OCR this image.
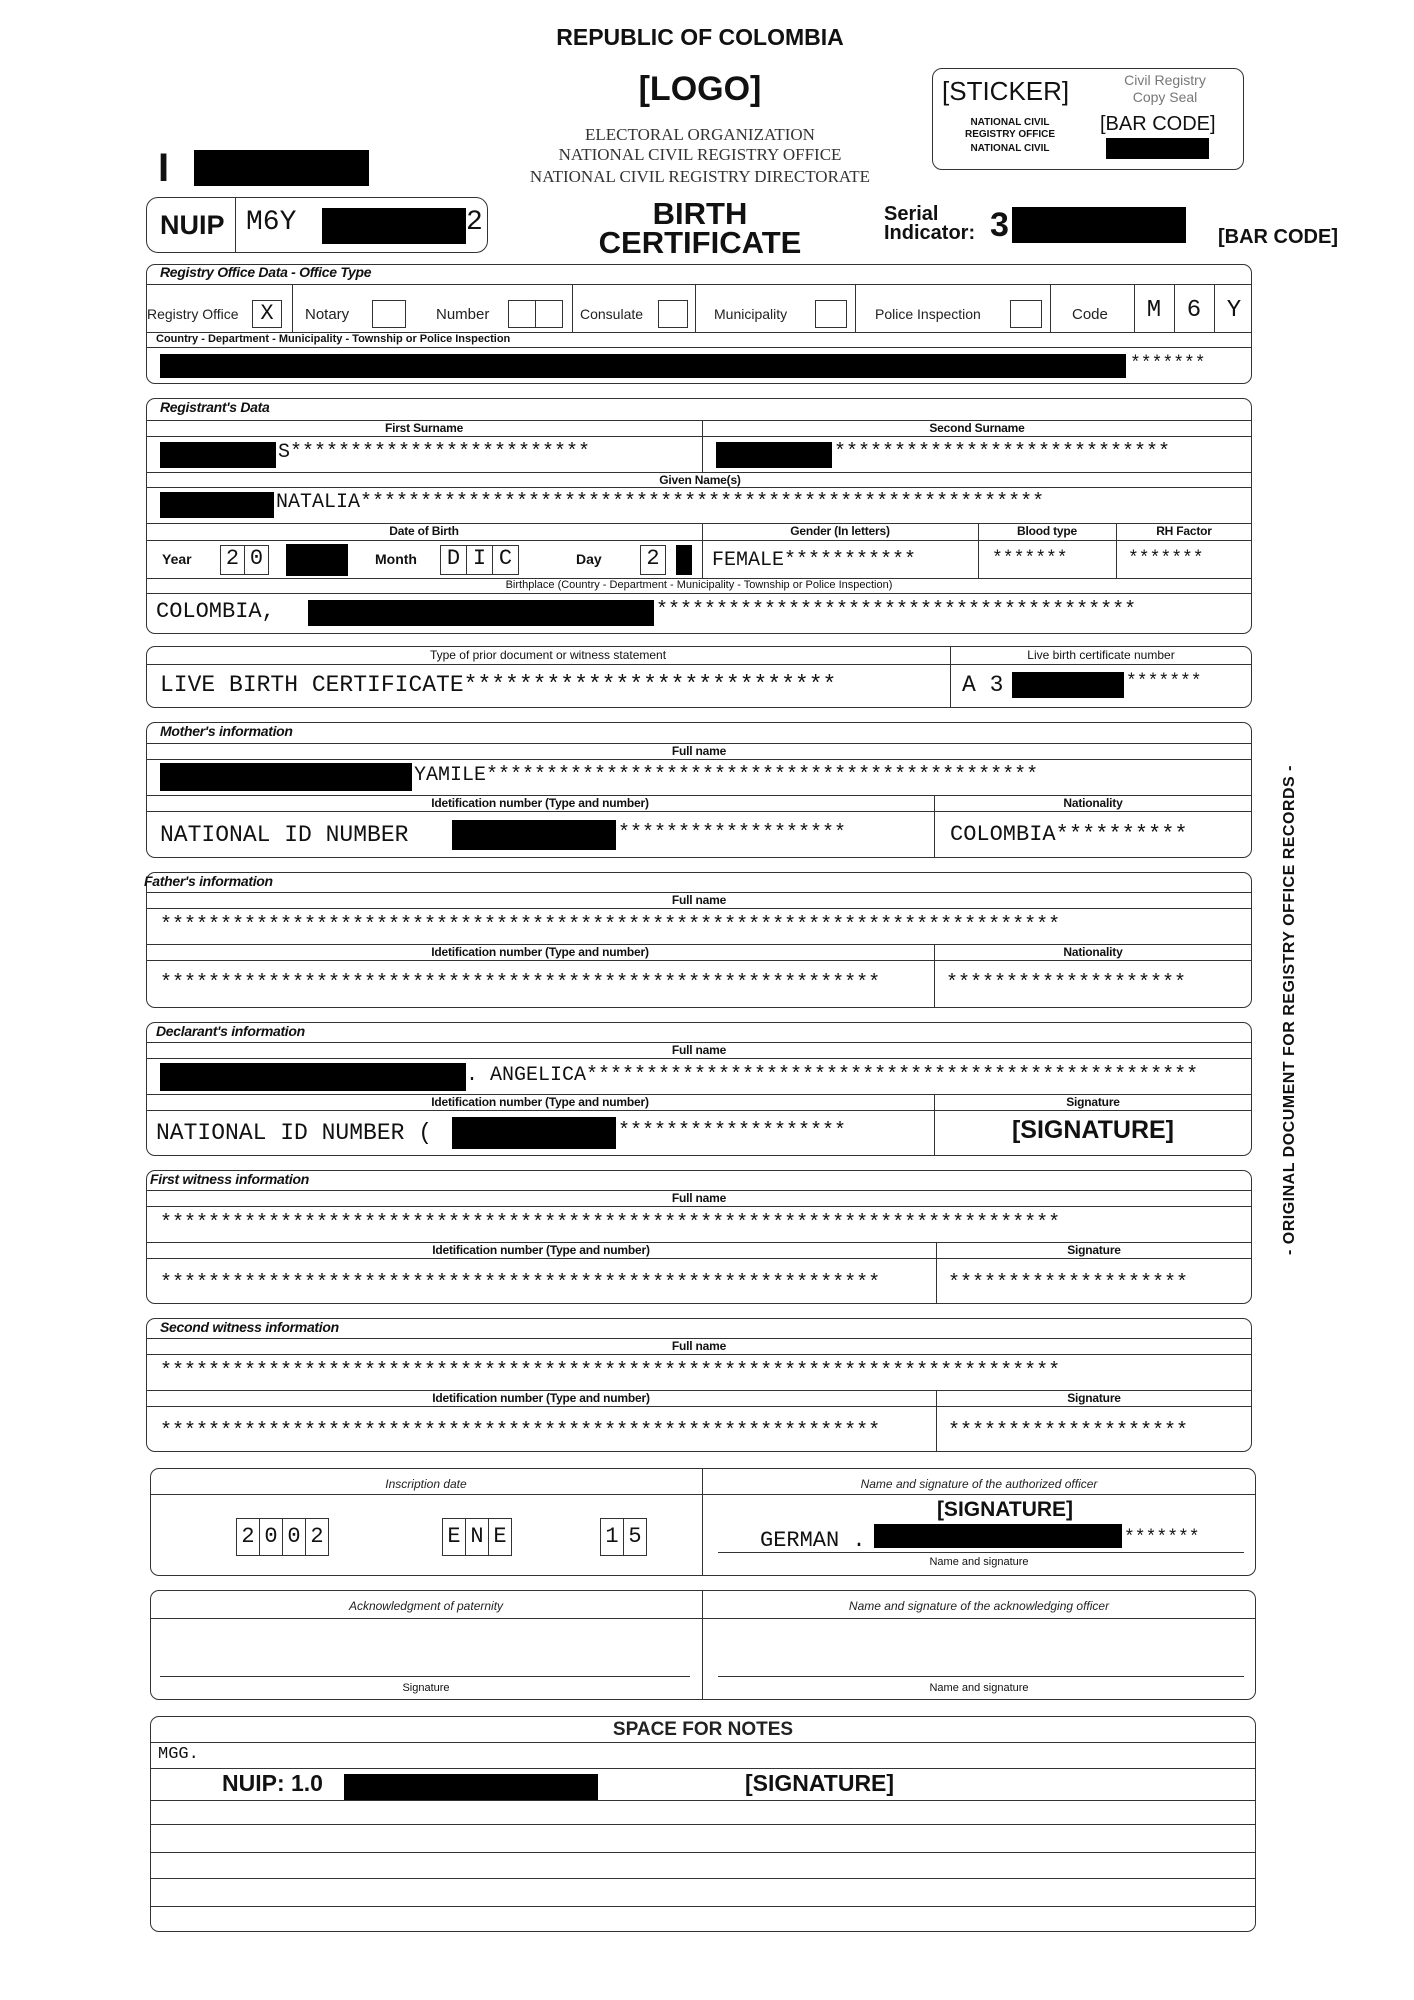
REPUBLIC OF COLOMBIA
[LOGO]
ELECTORAL ORGANIZATION
NATIONAL CIVIL REGISTRY OFFICE
NATIONAL CIVIL REGISTRY DIRECTORATE
[STICKER]	Civil Registry
Copy Seal
NATIONAL CIVIL
REGISTRY OFFICE
NATIONAL CIVIL
[BAR CODE]
I
NUIP M6Y	2	BIRTH
CERTIFICATE
Serial
Indicator: 3	[BAR CODE]
Registry Office Data - Office Type
Registry Office X	Notary	Number	Consulate	Municipality	Police Inspection	Code	M	6	Y
Country - Department - Municipality - Township or Police Inspection
*******
Registrant's Data
First Surname	Second Surname
S*************************	****************************
Given Name(s)
NATALIA*********************************************************
Date of Birth	Gender (In letters)	Blood type	RH Factor
Year 2 0	Month	D I C	Day 2	FEMALE***********	*******	*******
Birthplace (Country - Department - Municipality - Township or Police Inspection)
COLOMBIA,	****************************************
Type of prior document or witness statement	Live birth certificate number
LIVE BIRTH CERTIFICATE***************************	A 3	*******
Mother's information
Full name
YAMILE**********************************************
Idetification number (Type and number)	Nationality
NATIONAL ID NUMBER	*******************	COLOMBIA**********
Father's information
Full name
***************************************************************************
Idetification number (Type and number)	Nationality
************************************************************	********************
Declarant's information
Full name
. ANGELICA***************************************************
Idetification number (Type and number)	Signature
NATIONAL ID NUMBER (	*******************	[SIGNATURE]
First witness information
Full name
***************************************************************************
Idetification number (Type and number)	Signature
************************************************************	********************
Second witness information
Full name
***************************************************************************
Idetification number (Type and number)	Signature
************************************************************	********************
Inscription date	Name and signature of the authorized officer
2 0 0 2	E N E	1 5
[SIGNATURE]
GERMAN .	*******
Name and signature
Acknowledgment of paternity	Name and signature of the acknowledging officer
Signature	Name and signature
SPACE FOR NOTES
MGG.
NUIP: 1.0	[SIGNATURE]
- ORIGINAL DOCUMENT FOR REGISTRY OFFICE RECORDS -
